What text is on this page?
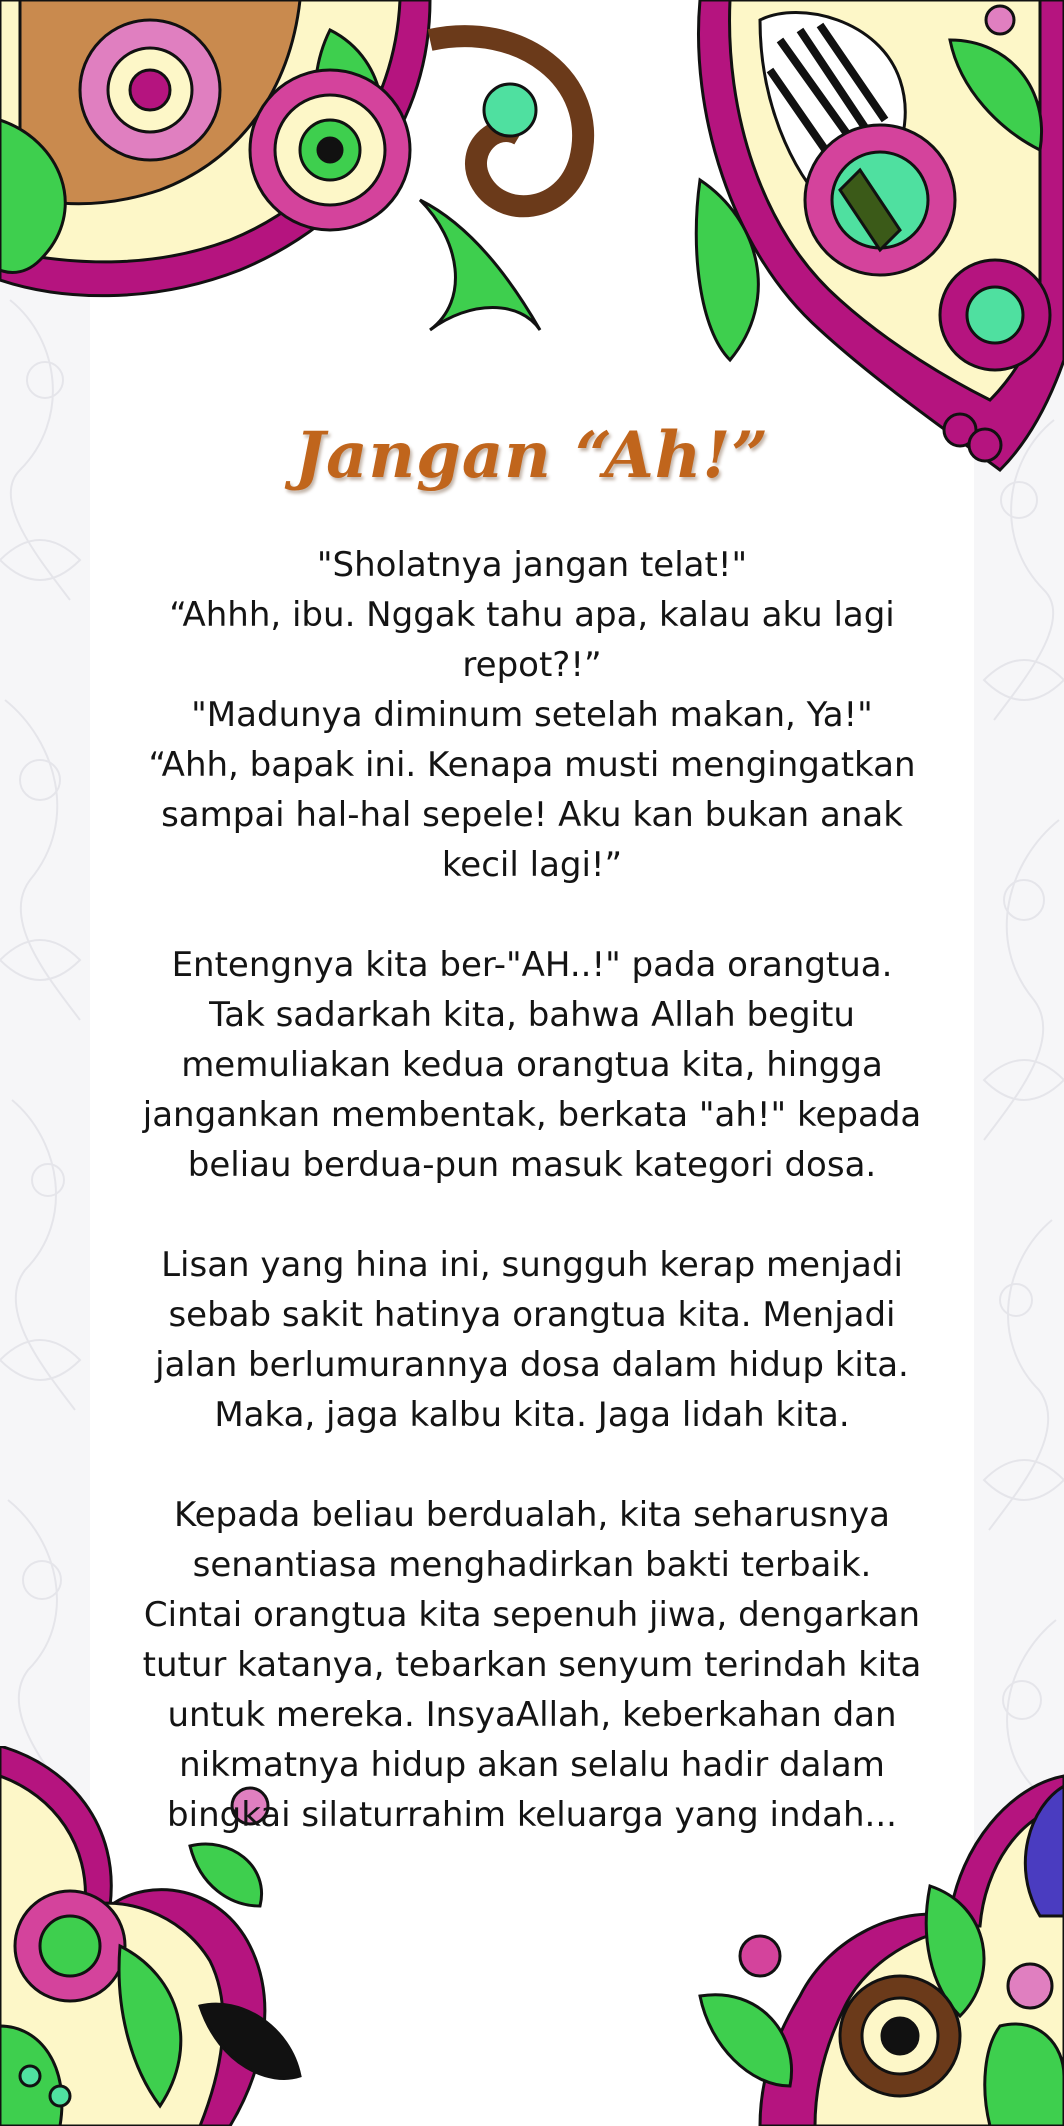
Jangan “Ah!”

"Sholatnya jangan telat!"
“Ahhh, ibu. Nggak tahu apa, kalau aku lagi
repot?!”
"Madunya diminum setelah makan, Ya!"
“Ahh, bapak ini. Kenapa musti mengingatkan
sampai hal-hal sepele! Aku kan bukan anak
kecil lagi!”

Entengnya kita ber-"AH..!" pada orangtua.
Tak sadarkah kita, bahwa Allah begitu
memuliakan kedua orangtua kita, hingga
jangankan membentak, berkata "ah!" kepada
beliau berdua-pun masuk kategori dosa.

Lisan yang hina ini, sungguh kerap menjadi
sebab sakit hatinya orangtua kita. Menjadi
jalan berlumurannya dosa dalam hidup kita.
Maka, jaga kalbu kita. Jaga lidah kita.

Kepada beliau berdualah, kita seharusnya
senantiasa menghadirkan bakti terbaik.
Cintai orangtua kita sepenuh jiwa, dengarkan
tutur katanya, tebarkan senyum terindah kita
untuk mereka. InsyaAllah, keberkahan dan
nikmatnya hidup akan selalu hadir dalam
bingkai silaturrahim keluarga yang indah...
